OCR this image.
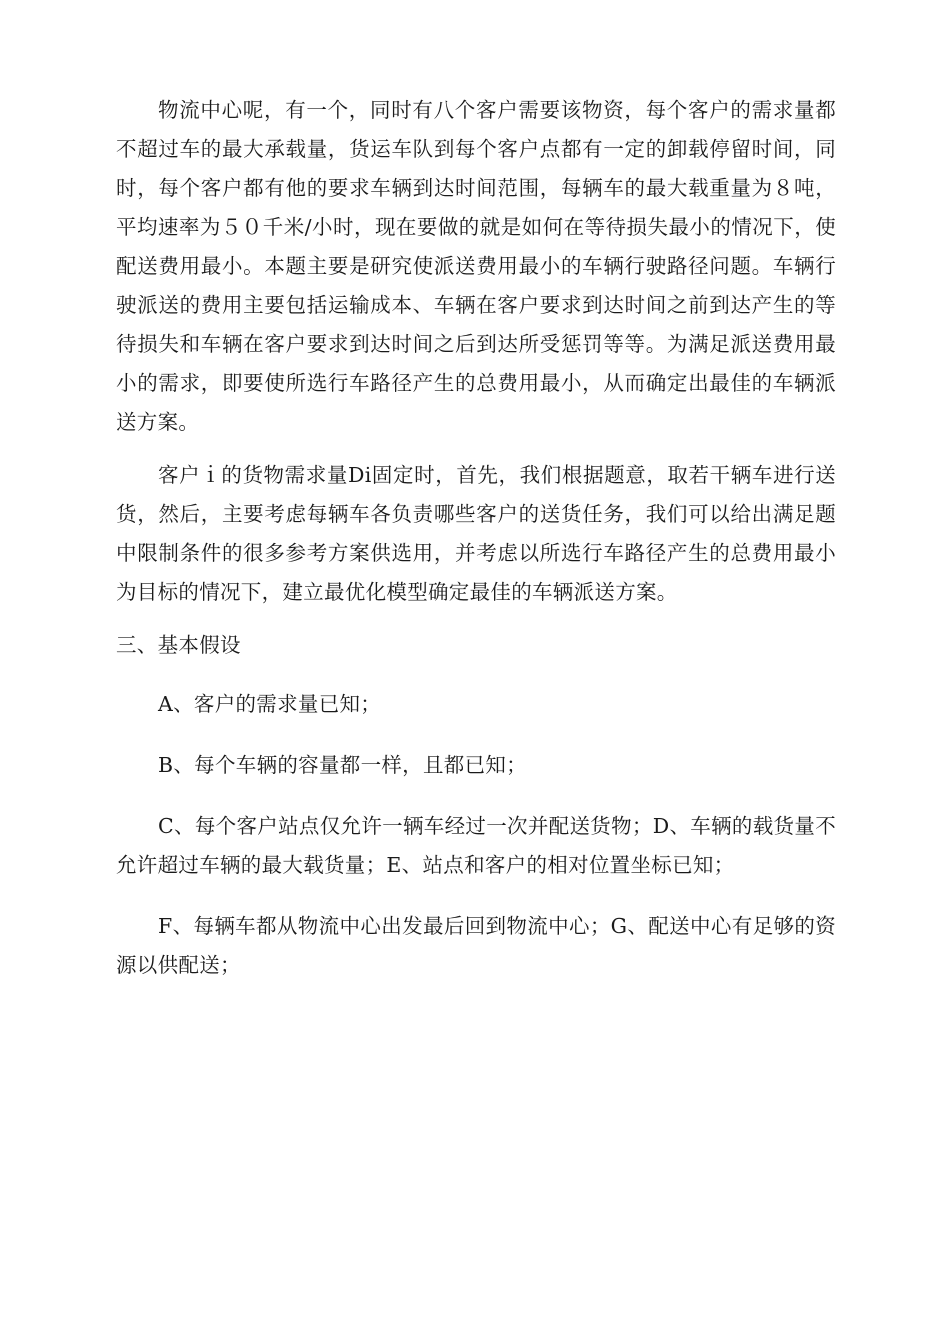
物流中心呢，有一个，同时有八个客户需要该物资，每个客户的需求量都不超过车的最大承载量，货运车队到每个客户点都有一定的卸载停留时间，同时，每个客户都有他的要求车辆到达时间范围，每辆车的最大载重量为８吨，平均速率为５０千米/小时，现在要做的就是如何在等待损失最小的情况下，使配送费用最小。本题主要是研究使派送费用最小的车辆行驶路径问题。车辆行驶派送的费用主要包括运输成本、车辆在客户要求到达时间之前到达产生的等待损失和车辆在客户要求到达时间之后到达所受惩罚等等。为满足派送费用最小的需求，即要使所选行车路径产生的总费用最小，从而确定出最佳的车辆派送方案。

客户ｉ的货物需求量Di固定时，首先，我们根据题意，取若干辆车进行送货，然后，主要考虑每辆车各负责哪些客户的送货任务，我们可以给出满足题中限制条件的很多参考方案供选用，并考虑以所选行车路径产生的总费用最小为目标的情况下，建立最优化模型确定最佳的车辆派送方案。

三、基本假设

A、客户的需求量已知；

B、每个车辆的容量都一样，且都已知；

C、每个客户站点仅允许一辆车经过一次并配送货物；D、车辆的载货量不允许超过车辆的最大载货量；E、站点和客户的相对位置坐标已知；

F、每辆车都从物流中心出发最后回到物流中心；G、配送中心有足够的资源以供配送；
